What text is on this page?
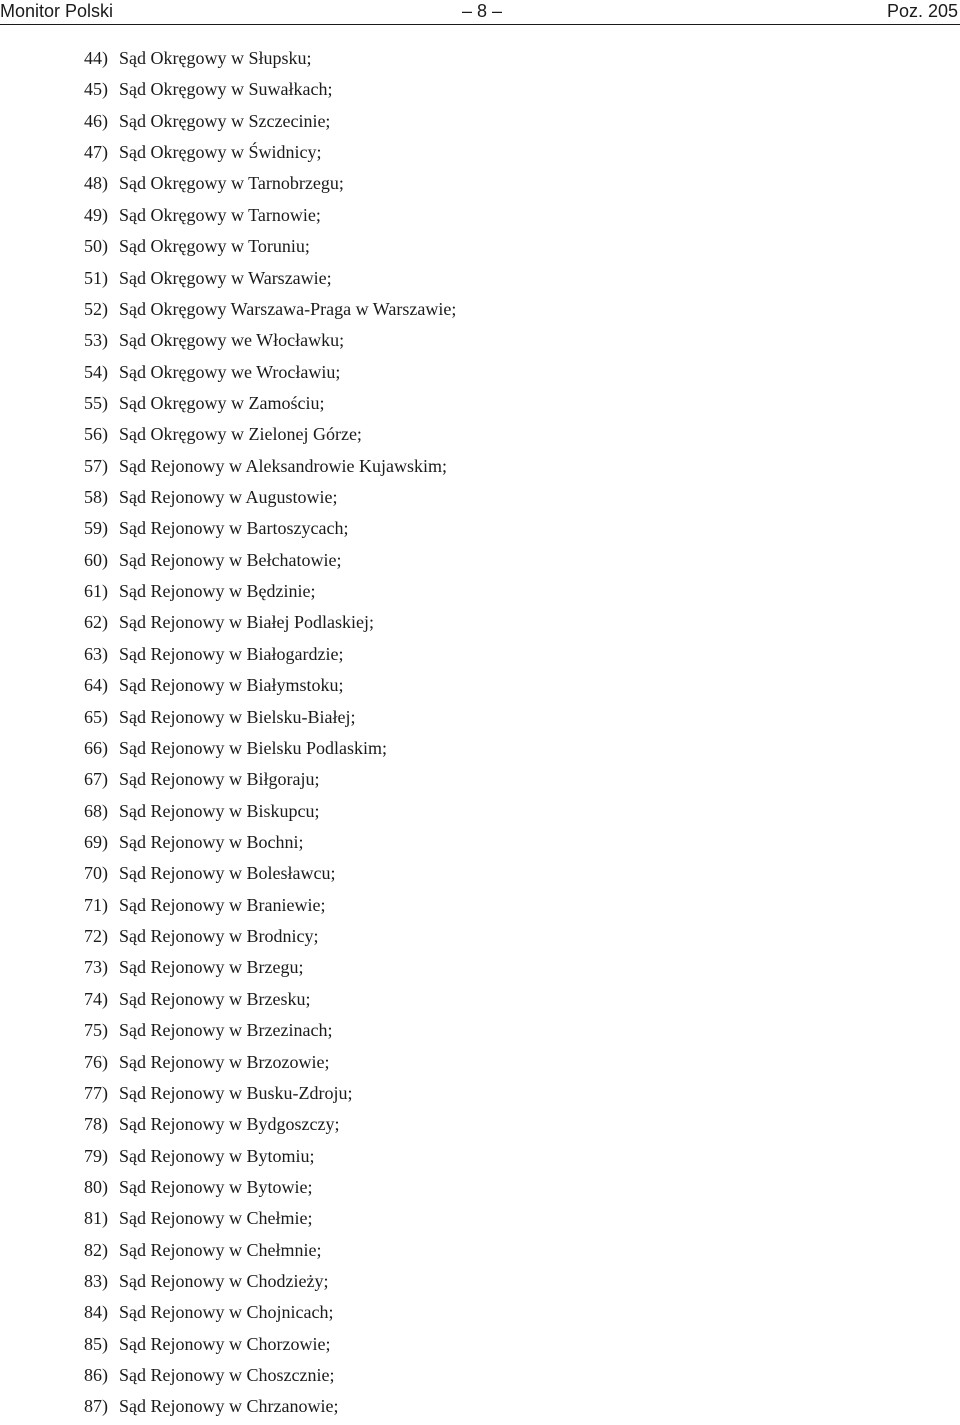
Monitor Polski	– 8 –	Poz. 205
44) Sąd Okręgowy w Słupsku;
45) Sąd Okręgowy w Suwałkach;
46) Sąd Okręgowy w Szczecinie;
47) Sąd Okręgowy w Świdnicy;
48) Sąd Okręgowy w Tarnobrzegu;
49) Sąd Okręgowy w Tarnowie;
50) Sąd Okręgowy w Toruniu;
51) Sąd Okręgowy w Warszawie;
52) Sąd Okręgowy Warszawa-Praga w Warszawie;
53) Sąd Okręgowy we Włocławku;
54) Sąd Okręgowy we Wrocławiu;
55) Sąd Okręgowy w Zamościu;
56) Sąd Okręgowy w Zielonej Górze;
57) Sąd Rejonowy w Aleksandrowie Kujawskim;
58) Sąd Rejonowy w Augustowie;
59) Sąd Rejonowy w Bartoszycach;
60) Sąd Rejonowy w Bełchatowie;
61) Sąd Rejonowy w Będzinie;
62) Sąd Rejonowy w Białej Podlaskiej;
63) Sąd Rejonowy w Białogardzie;
64) Sąd Rejonowy w Białymstoku;
65) Sąd Rejonowy w Bielsku-Białej;
66) Sąd Rejonowy w Bielsku Podlaskim;
67) Sąd Rejonowy w Biłgoraju;
68) Sąd Rejonowy w Biskupcu;
69) Sąd Rejonowy w Bochni;
70) Sąd Rejonowy w Bolesławcu;
71) Sąd Rejonowy w Braniewie;
72) Sąd Rejonowy w Brodnicy;
73) Sąd Rejonowy w Brzegu;
74) Sąd Rejonowy w Brzesku;
75) Sąd Rejonowy w Brzezinach;
76) Sąd Rejonowy w Brzozowie;
77) Sąd Rejonowy w Busku-Zdroju;
78) Sąd Rejonowy w Bydgoszczy;
79) Sąd Rejonowy w Bytomiu;
80) Sąd Rejonowy w Bytowie;
81) Sąd Rejonowy w Chełmie;
82) Sąd Rejonowy w Chełmnie;
83) Sąd Rejonowy w Chodzieży;
84) Sąd Rejonowy w Chojnicach;
85) Sąd Rejonowy w Chorzowie;
86) Sąd Rejonowy w Choszcznie;
87) Sąd Rejonowy w Chrzanowie;
